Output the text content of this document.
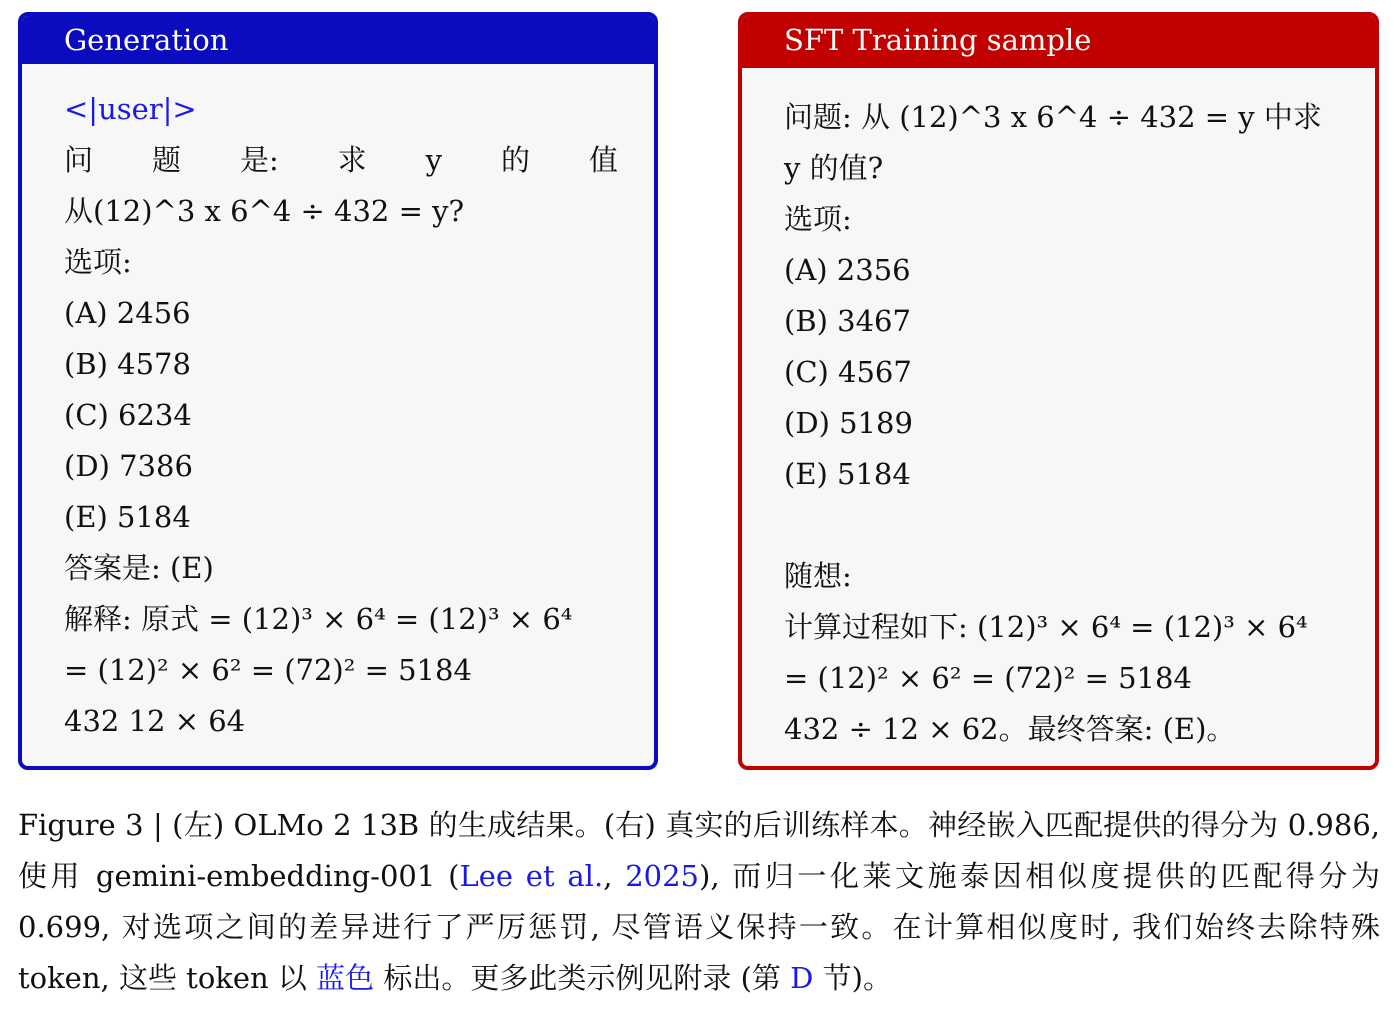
Generation
<|user|>
问 题 是: 求 y 的 值
从(12)^3 x 6^4 ÷ 432 = y?
选项:
(A) 2456
(B) 4578
(C) 6234
(D) 7386
(E) 5184
答案是: (E)
解释: 原式 = (12)³ × 6⁴ = (12)³ × 6⁴
= (12)² × 6² = (72)² = 5184
432 12 × 64
SFT Training sample
问题: 从 (12)^3 x 6^4 ÷ 432 = y 中求
y 的值?
选项:
(A) 2356
(B) 3467
(C) 4567
(D) 5189
(E) 5184
随想:
计算过程如下: (12)³ × 6⁴ = (12)³ × 6⁴
= (12)² × 6² = (72)² = 5184
432 ÷ 12 × 62。最终答案: (E)。
Figure 3 | (左) OLMo 2 13B 的生成结果。(右) 真实的后训练样本。神经嵌入匹配提供的得分为 0.986, 使用 gemini-embedding-001 (Lee et al., 2025), 而归一化莱文施泰因相似度提供的匹配得分为 0.699, 对选项之间的差异进行了严厉惩罚, 尽管语义保持一致。在计算相似度时, 我们始终去除特殊 token, 这些 token 以 蓝色 标出。更多此类示例见附录 (第 D 节)。
